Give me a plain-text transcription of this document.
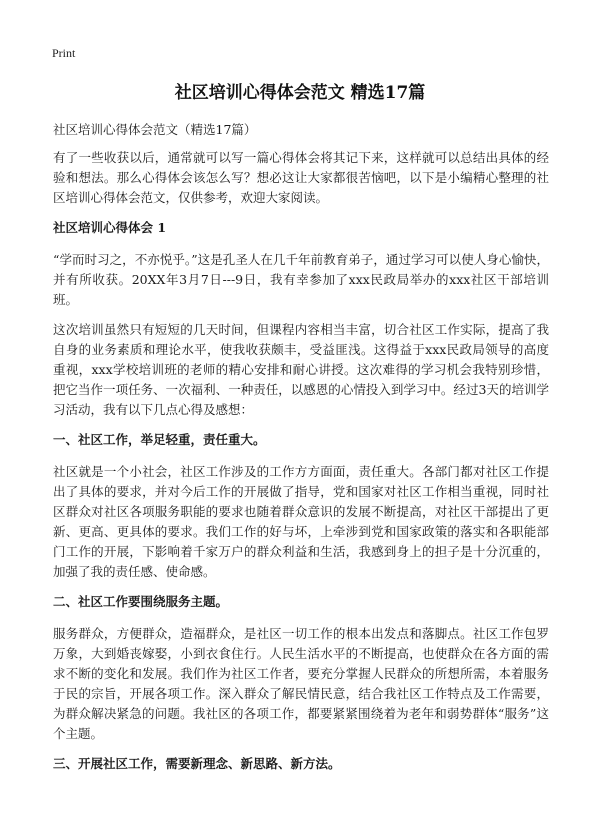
Print
社区培训心得体会范文 精选17篇

社区培训心得体会范文（精选17篇）

有了一些收获以后，通常就可以写一篇心得体会将其记下来，这样就可以总结出具体的经验和想法。那么心得体会该怎么写？想必这让大家都很苦恼吧，以下是小编精心整理的社区培训心得体会范文，仅供参考，欢迎大家阅读。

社区培训心得体会 1

“学而时习之，不亦悦乎。”这是孔圣人在几千年前教育弟子，通过学习可以使人身心愉快，并有所收获。20XX年3月7日---9日，我有幸参加了xxx民政局举办的xxx社区干部培训班。

这次培训虽然只有短短的几天时间，但课程内容相当丰富，切合社区工作实际，提高了我自身的业务素质和理论水平，使我收获颇丰，受益匪浅。这得益于xxx民政局领导的高度重视，xxx学校培训班的老师的精心安排和耐心讲授。这次难得的学习机会我特别珍惜，把它当作一项任务、一次福利、一种责任，以感恩的心情投入到学习中。经过3天的培训学习活动，我有以下几点心得及感想：

一、社区工作，举足轻重，责任重大。

社区就是一个小社会，社区工作涉及的工作方方面面，责任重大。各部门都对社区工作提出了具体的要求，并对今后工作的开展做了指导，党和国家对社区工作相当重视，同时社区群众对社区各项服务职能的要求也随着群众意识的发展不断提高，对社区干部提出了更新、更高、更具体的要求。我们工作的好与坏，上牵涉到党和国家政策的落实和各职能部门工作的开展，下影响着千家万户的群众利益和生活，我感到身上的担子是十分沉重的，加强了我的责任感、使命感。

二、社区工作要围绕服务主题。

服务群众，方便群众，造福群众，是社区一切工作的根本出发点和落脚点。社区工作包罗万象，大到婚丧嫁娶，小到衣食住行。人民生活水平的不断提高，也使群众在各方面的需求不断的变化和发展。我们作为社区工作者，要充分掌握人民群众的所想所需，本着服务于民的宗旨，开展各项工作。深入群众了解民情民意，结合我社区工作特点及工作需要，为群众解决紧急的问题。我社区的各项工作，都要紧紧围绕着为老年和弱势群体“服务”这个主题。

三、开展社区工作，需要新理念、新思路、新方法。
